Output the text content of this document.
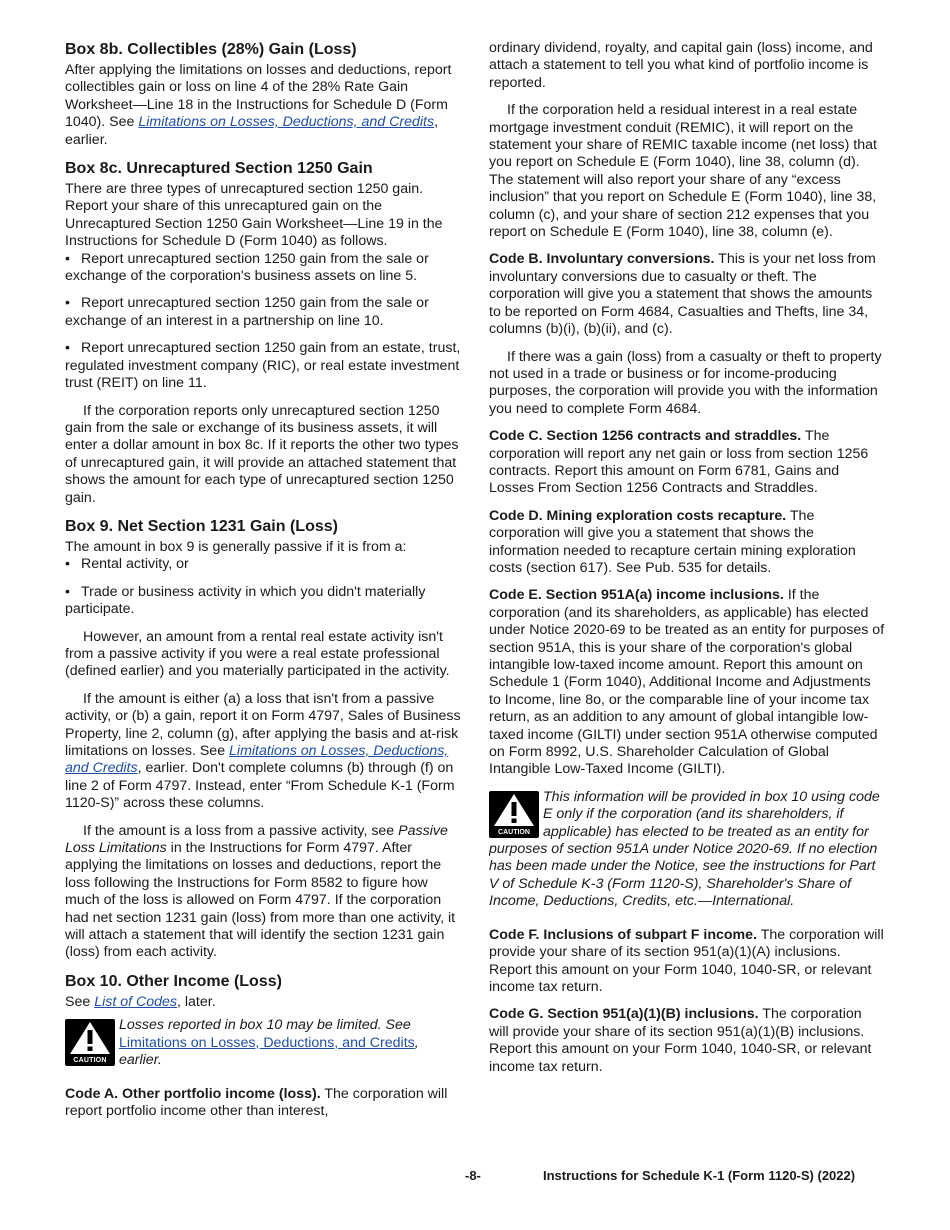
Box 8b. Collectibles (28%) Gain (Loss)

After applying the limitations on losses and deductions, report collectibles gain or loss on line 4 of the 28% Rate Gain Worksheet—Line 18 in the Instructions for Schedule D (Form 1040). See Limitations on Losses, Deductions, and Credits, earlier.

Box 8c. Unrecaptured Section 1250 Gain

There are three types of unrecaptured section 1250 gain. Report your share of this unrecaptured gain on the Unrecaptured Section 1250 Gain Worksheet—Line 19 in the Instructions for Schedule D (Form 1040) as follows.

• Report unrecaptured section 1250 gain from the sale or exchange of the corporation's business assets on line 5.

• Report unrecaptured section 1250 gain from the sale or exchange of an interest in a partnership on line 10.

• Report unrecaptured section 1250 gain from an estate, trust, regulated investment company (RIC), or real estate investment trust (REIT) on line 11.

If the corporation reports only unrecaptured section 1250 gain from the sale or exchange of its business assets, it will enter a dollar amount in box 8c. If it reports the other two types of unrecaptured gain, it will provide an attached statement that shows the amount for each type of unrecaptured section 1250 gain.

Box 9. Net Section 1231 Gain (Loss)

The amount in box 9 is generally passive if it is from a:

• Rental activity, or

• Trade or business activity in which you didn't materially participate.

However, an amount from a rental real estate activity isn't from a passive activity if you were a real estate professional (defined earlier) and you materially participated in the activity.

If the amount is either (a) a loss that isn't from a passive activity, or (b) a gain, report it on Form 4797, Sales of Business Property, line 2, column (g), after applying the basis and at-risk limitations on losses. See Limitations on Losses, Deductions, and Credits, earlier. Don't complete columns (b) through (f) on line 2 of Form 4797. Instead, enter “From Schedule K-1 (Form 1120-S)” across these columns.

If the amount is a loss from a passive activity, see Passive Loss Limitations in the Instructions for Form 4797. After applying the limitations on losses and deductions, report the loss following the Instructions for Form 8582 to figure how much of the loss is allowed on Form 4797. If the corporation had net section 1231 gain (loss) from more than one activity, it will attach a statement that will identify the section 1231 gain (loss) from each activity.

Box 10. Other Income (Loss)

See List of Codes, later.

CAUTION
Losses reported in box 10 may be limited. See Limitations on Losses, Deductions, and Credits, earlier.

Code A. Other portfolio income (loss). The corporation will report portfolio income other than interest,

ordinary dividend, royalty, and capital gain (loss) income, and attach a statement to tell you what kind of portfolio income is reported.

If the corporation held a residual interest in a real estate mortgage investment conduit (REMIC), it will report on the statement your share of REMIC taxable income (net loss) that you report on Schedule E (Form 1040), line 38, column (d). The statement will also report your share of any “excess inclusion” that you report on Schedule E (Form 1040), line 38, column (c), and your share of section 212 expenses that you report on Schedule E (Form 1040), line 38, column (e).

Code B. Involuntary conversions. This is your net loss from involuntary conversions due to casualty or theft. The corporation will give you a statement that shows the amounts to be reported on Form 4684, Casualties and Thefts, line 34, columns (b)(i), (b)(ii), and (c).

If there was a gain (loss) from a casualty or theft to property not used in a trade or business or for income-producing purposes, the corporation will provide you with the information you need to complete Form 4684.

Code C. Section 1256 contracts and straddles. The corporation will report any net gain or loss from section 1256 contracts. Report this amount on Form 6781, Gains and Losses From Section 1256 Contracts and Straddles.

Code D. Mining exploration costs recapture. The corporation will give you a statement that shows the information needed to recapture certain mining exploration costs (section 617). See Pub. 535 for details.

Code E. Section 951A(a) income inclusions. If the corporation (and its shareholders, as applicable) has elected under Notice 2020-69 to be treated as an entity for purposes of section 951A, this is your share of the corporation's global intangible low-taxed income amount. Report this amount on Schedule 1 (Form 1040), Additional Income and Adjustments to Income, line 8o, or the comparable line of your income tax return, as an addition to any amount of global intangible low-taxed income (GILTI) under section 951A otherwise computed on Form 8992, U.S. Shareholder Calculation of Global Intangible Low-Taxed Income (GILTI).

CAUTION
This information will be provided in box 10 using code E only if the corporation (and its shareholders, if applicable) has elected to be treated as an entity for purposes of section 951A under Notice 2020-69. If no election has been made under the Notice, see the instructions for Part V of Schedule K-3 (Form 1120-S), Shareholder's Share of Income, Deductions, Credits, etc.—International.

Code F. Inclusions of subpart F income. The corporation will provide your share of its section 951(a)(1)(A) inclusions. Report this amount on your Form 1040, 1040-SR, or relevant income tax return.

Code G. Section 951(a)(1)(B) inclusions. The corporation will provide your share of its section 951(a)(1)(B) inclusions. Report this amount on your Form 1040, 1040-SR, or relevant income tax return.

-8-	Instructions for Schedule K-1 (Form 1120-S) (2022)
